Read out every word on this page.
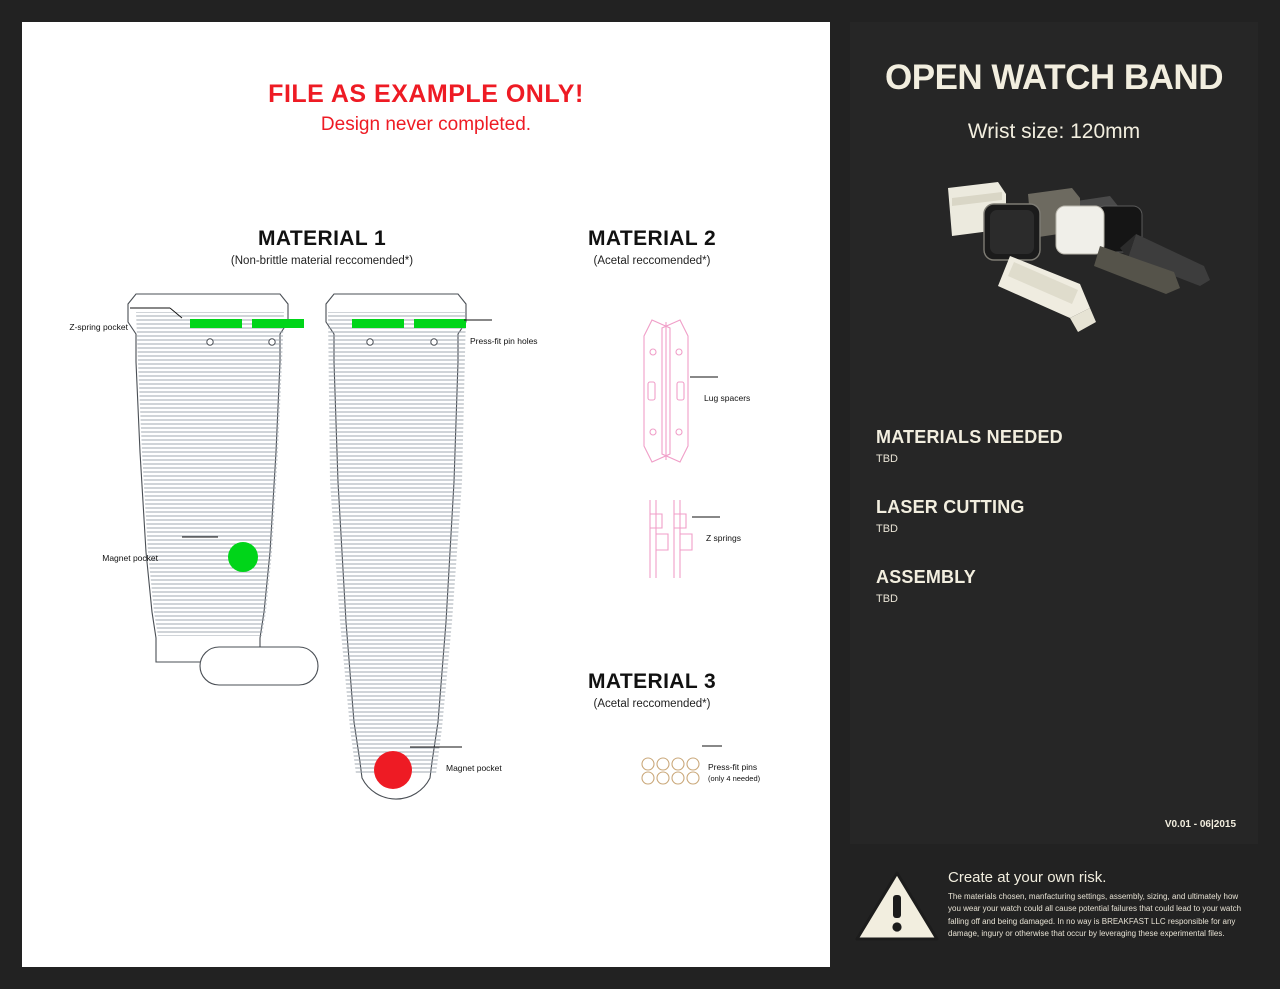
FILE AS EXAMPLE ONLY!
Design never completed.
MATERIAL 1
(Non-brittle material reccomended*)
MATERIAL 2
(Acetal reccomended*)
MATERIAL 3
(Acetal reccomended*)
Z-spring pocket
Press-fit pin holes
Magnet pocket
Magnet pocket
Lug spacers
Z springs
Press-fit pins
(only 4 needed)
OPEN WATCH BAND
Wrist size: 120mm
MATERIALS NEEDED
TBD
LASER CUTTING
TBD
ASSEMBLY
TBD
V0.01 - 06|2015
Create at your own risk.
The materials chosen, manfacturing settings, assembly, sizing, and ultimately how you wear your watch could all cause potential failures that could lead to your watch falling off and being damaged. In no way is BREAKFAST LLC responsible for any damage, ingury or otherwise that occur by leveraging these experimental files.
